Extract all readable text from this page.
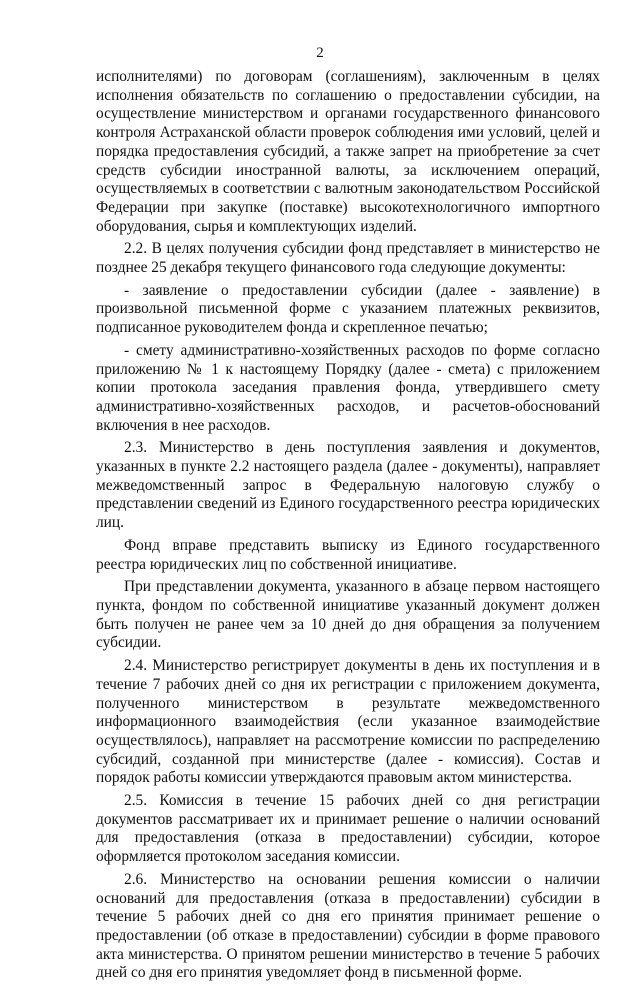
2

исполнителями) по договорам (соглашениям), заключенным в целях исполнения обязательств по соглашению о предоставлении субсидии, на осуществление министерством и органами государственного финансового контроля Астраханской области проверок соблюдения ими условий, целей и порядка предоставления субсидий, а также запрет на приобретение за счет средств субсидии иностранной валюты, за исключением операций, осуществляемых в соответствии с валютным законодательством Российской Федерации при закупке (поставке) высокотехнологичного импортного оборудования, сырья и комплектующих изделий.

2.2. В целях получения субсидии фонд представляет в министерство не позднее 25 декабря текущего финансового года следующие документы:

- заявление о предоставлении субсидии (далее - заявление) в произвольной письменной форме с указанием платежных реквизитов, подписанное руководителем фонда и скрепленное печатью;

- смету административно-хозяйственных расходов по форме согласно приложению № 1 к настоящему Порядку (далее - смета) с приложением копии протокола заседания правления фонда, утвердившего смету административно-хозяйственных расходов, и расчетов-обоснований включения в нее расходов.

2.3. Министерство в день поступления заявления и документов, указанных в пункте 2.2 настоящего раздела (далее - документы), направляет межведомственный запрос в Федеральную налоговую службу о представлении сведений из Единого государственного реестра юридических лиц.

Фонд вправе представить выписку из Единого государственного реестра юридических лиц по собственной инициативе.

При представлении документа, указанного в абзаце первом настоящего пункта, фондом по собственной инициативе указанный документ должен быть получен не ранее чем за 10 дней до дня обращения за получением субсидии.

2.4. Министерство регистрирует документы в день их поступления и в течение 7 рабочих дней со дня их регистрации с приложением документа, полученного министерством в результате межведомственного информационного взаимодействия (если указанное взаимодействие осуществлялось), направляет на рассмотрение комиссии по распределению субсидий, созданной при министерстве (далее - комиссия). Состав и порядок работы комиссии утверждаются правовым актом министерства.

2.5. Комиссия в течение 15 рабочих дней со дня регистрации документов рассматривает их и принимает решение о наличии оснований для предоставления (отказа в предоставлении) субсидии, которое оформляется протоколом заседания комиссии.

2.6. Министерство на основании решения комиссии о наличии оснований для предоставления (отказа в предоставлении) субсидии в течение 5 рабочих дней со дня его принятия принимает решение о предоставлении (об отказе в предоставлении) субсидии в форме правового акта министерства. О принятом решении министерство в течение 5 рабочих дней со дня его принятия уведомляет фонд в письменной форме.
